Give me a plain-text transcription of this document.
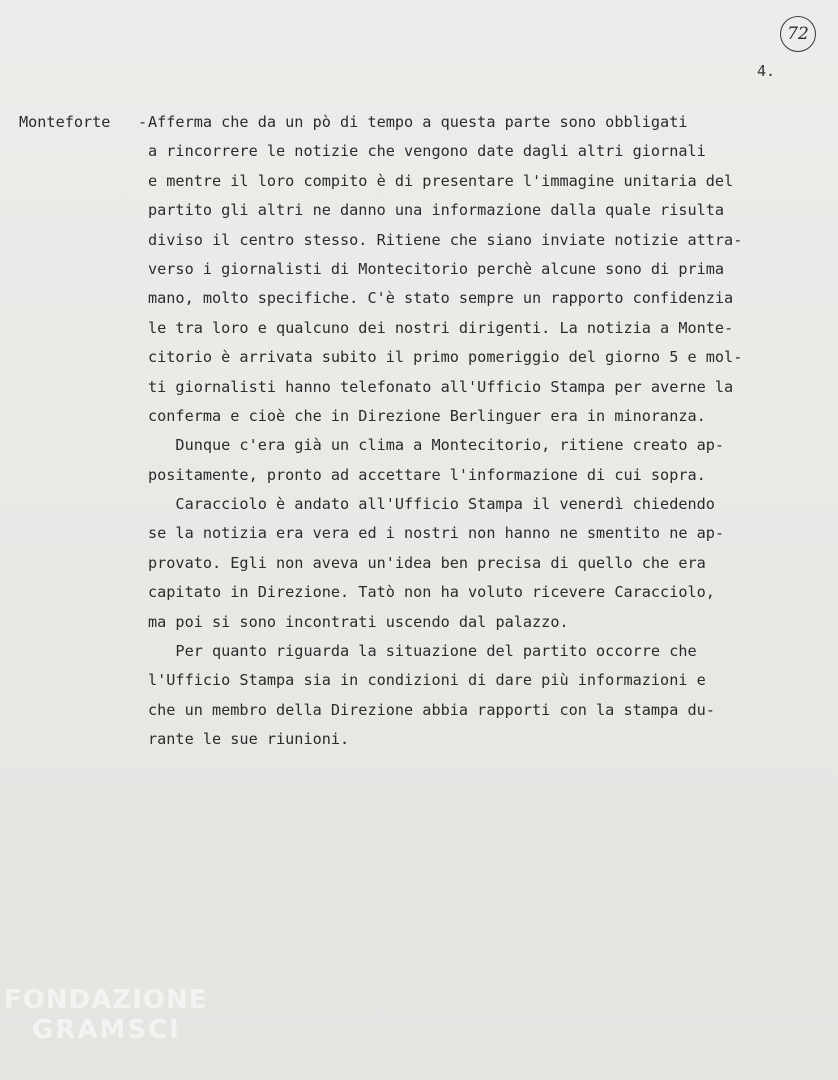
72
4.
Monteforte - Afferma che da un pò di tempo a questa parte sono obbligati
a rincorrere le notizie che vengono date dagli altri giornali
e mentre il loro compito è di presentare l'immagine unitaria del
partito gli altri ne danno una informazione dalla quale risulta
diviso il centro stesso. Ritiene che siano inviate notizie attra-
verso i giornalisti di Montecitorio perchè alcune sono di prima
mano, molto specifiche. C'è stato sempre un rapporto confidenzia
le tra loro e qualcuno dei nostri dirigenti. La notizia a Monte-
citorio è arrivata subito il primo pomeriggio del giorno 5 e mol-
ti giornalisti hanno telefonato all'Ufficio Stampa per averne la
conferma e cioè che in Direzione Berlinguer era in minoranza.
Dunque c'era già un clima a Montecitorio, ritiene creato ap-
positamente, pronto ad accettare l'informazione di cui sopra.
Caracciolo è andato all'Ufficio Stampa il venerdì chiedendo
se la notizia era vera ed i nostri non hanno ne smentito ne ap-
provato. Egli non aveva un'idea ben precisa di quello che era
capitato in Direzione. Tatò non ha voluto ricevere Caracciolo,
ma poi si sono incontrati uscendo dal palazzo.
Per quanto riguarda la situazione del partito occorre che
l'Ufficio Stampa sia in condizioni di dare più informazioni e
che un membro della Direzione abbia rapporti con la stampa du-
rante le sue riunioni.
FONDAZIONE
GRAMSCI
